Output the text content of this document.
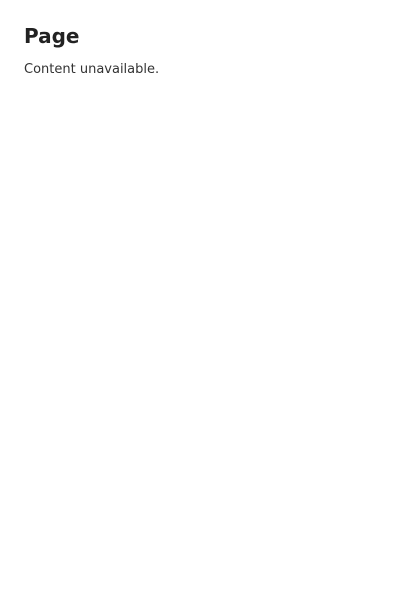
Page

Content unavailable.
